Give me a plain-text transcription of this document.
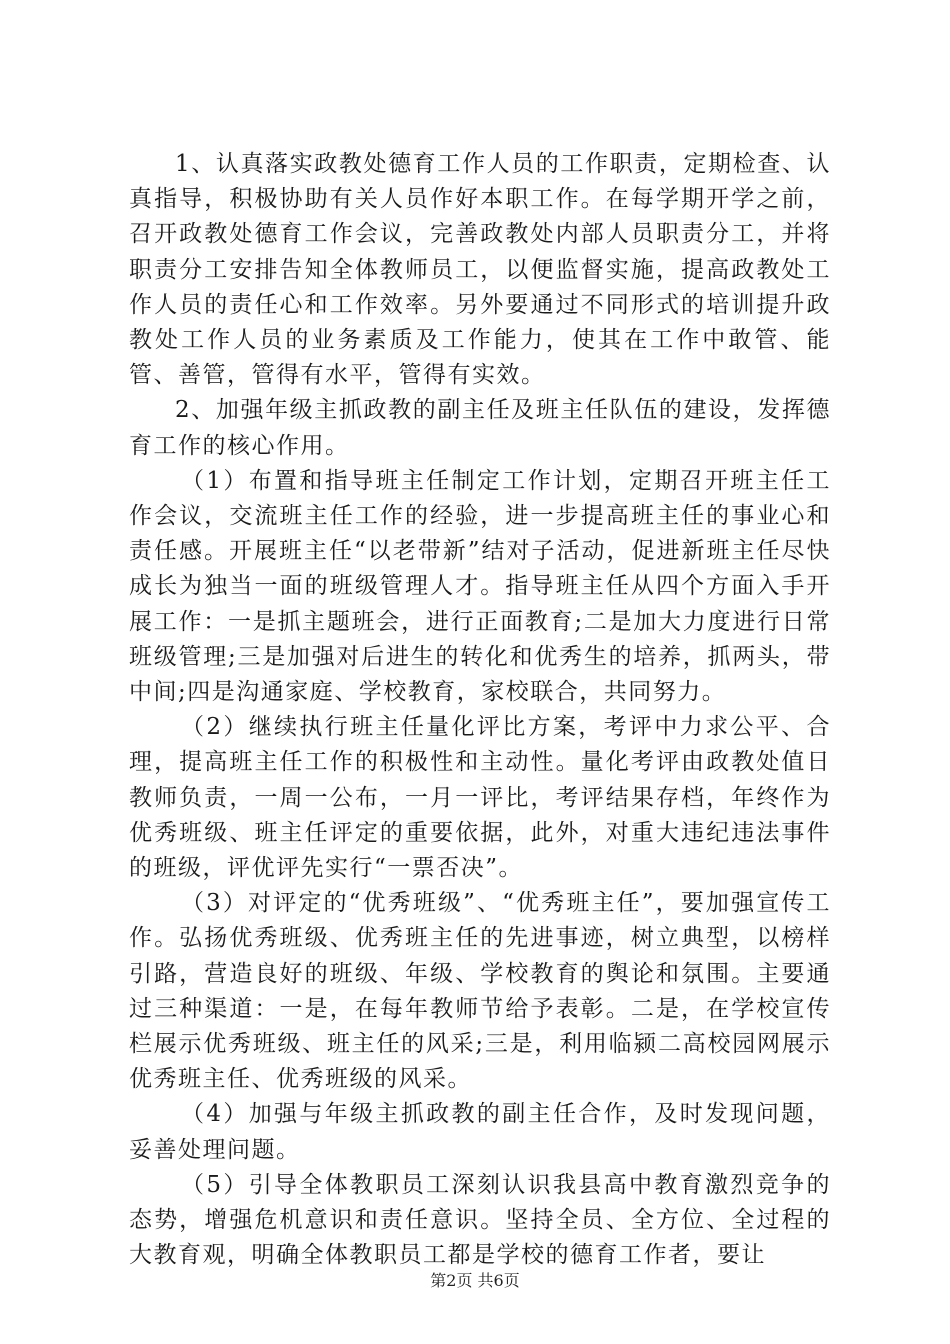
1、认真落实政教处德育工作人员的工作职责，定期检查、认真指导，积极协助有关人员作好本职工作。在每学期开学之前，召开政教处德育工作会议，完善政教处内部人员职责分工，并将职责分工安排告知全体教师员工，以便监督实施，提高政教处工作人员的责任心和工作效率。另外要通过不同形式的培训提升政教处工作人员的业务素质及工作能力，使其在工作中敢管、能管、善管，管得有水平，管得有实效。

2、加强年级主抓政教的副主任及班主任队伍的建设，发挥德育工作的核心作用。

（1）布置和指导班主任制定工作计划，定期召开班主任工作会议，交流班主任工作的经验，进一步提高班主任的事业心和责任感。开展班主任“以老带新”结对子活动，促进新班主任尽快成长为独当一面的班级管理人才。指导班主任从四个方面入手开展工作：一是抓主题班会，进行正面教育;二是加大力度进行日常班级管理;三是加强对后进生的转化和优秀生的培养，抓两头，带中间;四是沟通家庭、学校教育，家校联合，共同努力。

（2）继续执行班主任量化评比方案，考评中力求公平、合理，提高班主任工作的积极性和主动性。量化考评由政教处值日教师负责，一周一公布，一月一评比，考评结果存档，年终作为优秀班级、班主任评定的重要依据，此外，对重大违纪违法事件的班级，评优评先实行“一票否决”。

（3）对评定的“优秀班级”、“优秀班主任”，要加强宣传工作。弘扬优秀班级、优秀班主任的先进事迹，树立典型，以榜样引路，营造良好的班级、年级、学校教育的舆论和氛围。主要通过三种渠道：一是，在每年教师节给予表彰。二是，在学校宣传栏展示优秀班级、班主任的风采;三是，利用临颍二高校园网展示优秀班主任、优秀班级的风采。

（4）加强与年级主抓政教的副主任合作，及时发现问题，妥善处理问题。

（5）引导全体教职员工深刻认识我县高中教育激烈竞争的态势，增强危机意识和责任意识。坚持全员、全方位、全过程的大教育观，明确全体教职员工都是学校的德育工作者，要让

第2页 共6页
